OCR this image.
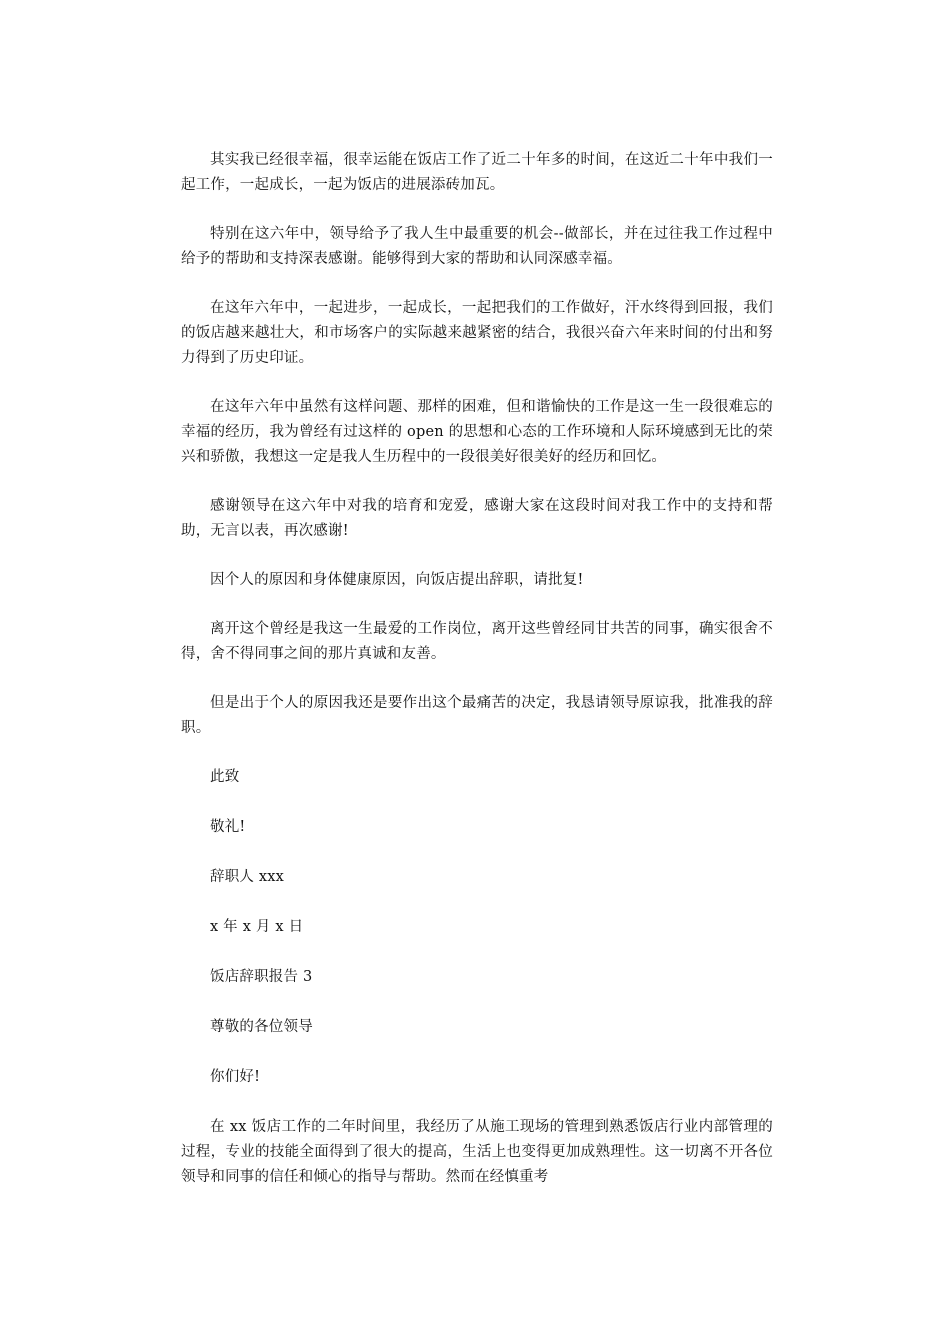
其实我已经很幸福，很幸运能在饭店工作了近二十年多的时间，在这近二十年中我们一起工作，一起成长，一起为饭店的进展添砖加瓦。

特别在这六年中，领导给予了我人生中最重要的机会--做部长，并在过往我工作过程中给予的帮助和支持深表感谢。能够得到大家的帮助和认同深感幸福。

在这年六年中，一起进步，一起成长，一起把我们的工作做好，汗水终得到回报，我们的饭店越来越壮大，和市场客户的实际越来越紧密的结合，我很兴奋六年来时间的付出和努力得到了历史印证。

在这年六年中虽然有这样问题、那样的困难，但和谐愉快的工作是这一生一段很难忘的幸福的经历，我为曾经有过这样的 open 的思想和心态的工作环境和人际环境感到无比的荣兴和骄傲，我想这一定是我人生历程中的一段很美好很美好的经历和回忆。

感谢领导在这六年中对我的培育和宠爱，感谢大家在这段时间对我工作中的支持和帮助，无言以表，再次感谢!

因个人的原因和身体健康原因，向饭店提出辞职，请批复!

离开这个曾经是我这一生最爱的工作岗位，离开这些曾经同甘共苦的同事，确实很舍不得，舍不得同事之间的那片真诚和友善。

但是出于个人的原因我还是要作出这个最痛苦的决定，我恳请领导原谅我，批准我的辞职。

此致

敬礼!

辞职人 xxx

x 年 x 月 x 日

饭店辞职报告 3

尊敬的各位领导

你们好!

在 xx 饭店工作的二年时间里，我经历了从施工现场的管理到熟悉饭店行业内部管理的过程，专业的技能全面得到了很大的提高，生活上也变得更加成熟理性。这一切离不开各位领导和同事的信任和倾心的指导与帮助。然而在经慎重考
